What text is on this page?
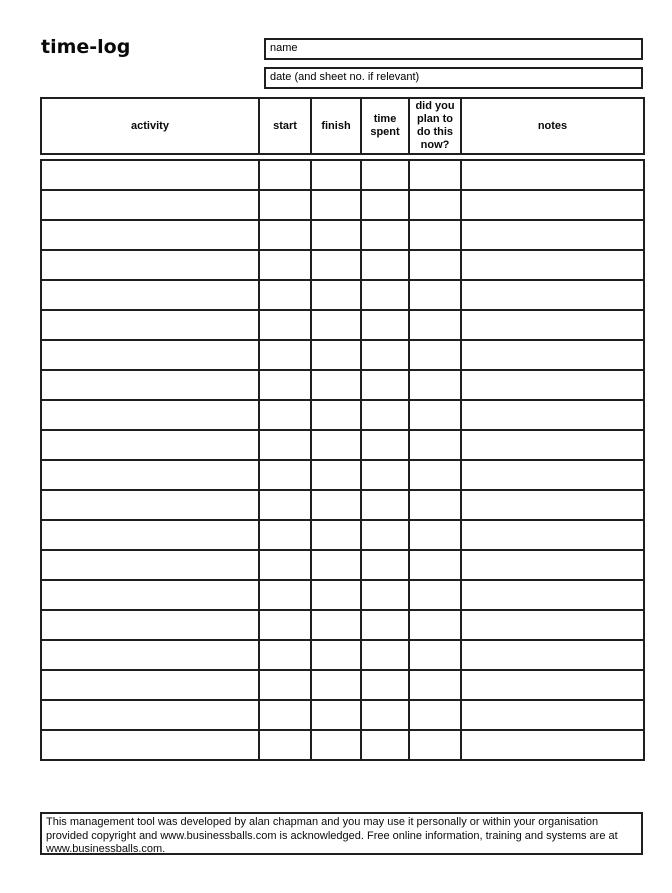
time-log	name
date (and sheet no. if relevant)
activity	start	finish	time spent	did you plan to do this now?	notes

This management tool was developed by alan chapman and you may use it personally or within your organisation
provided copyright and www.businessballs.com is acknowledged. Free online information, training and systems are at
www.businessballs.com.
